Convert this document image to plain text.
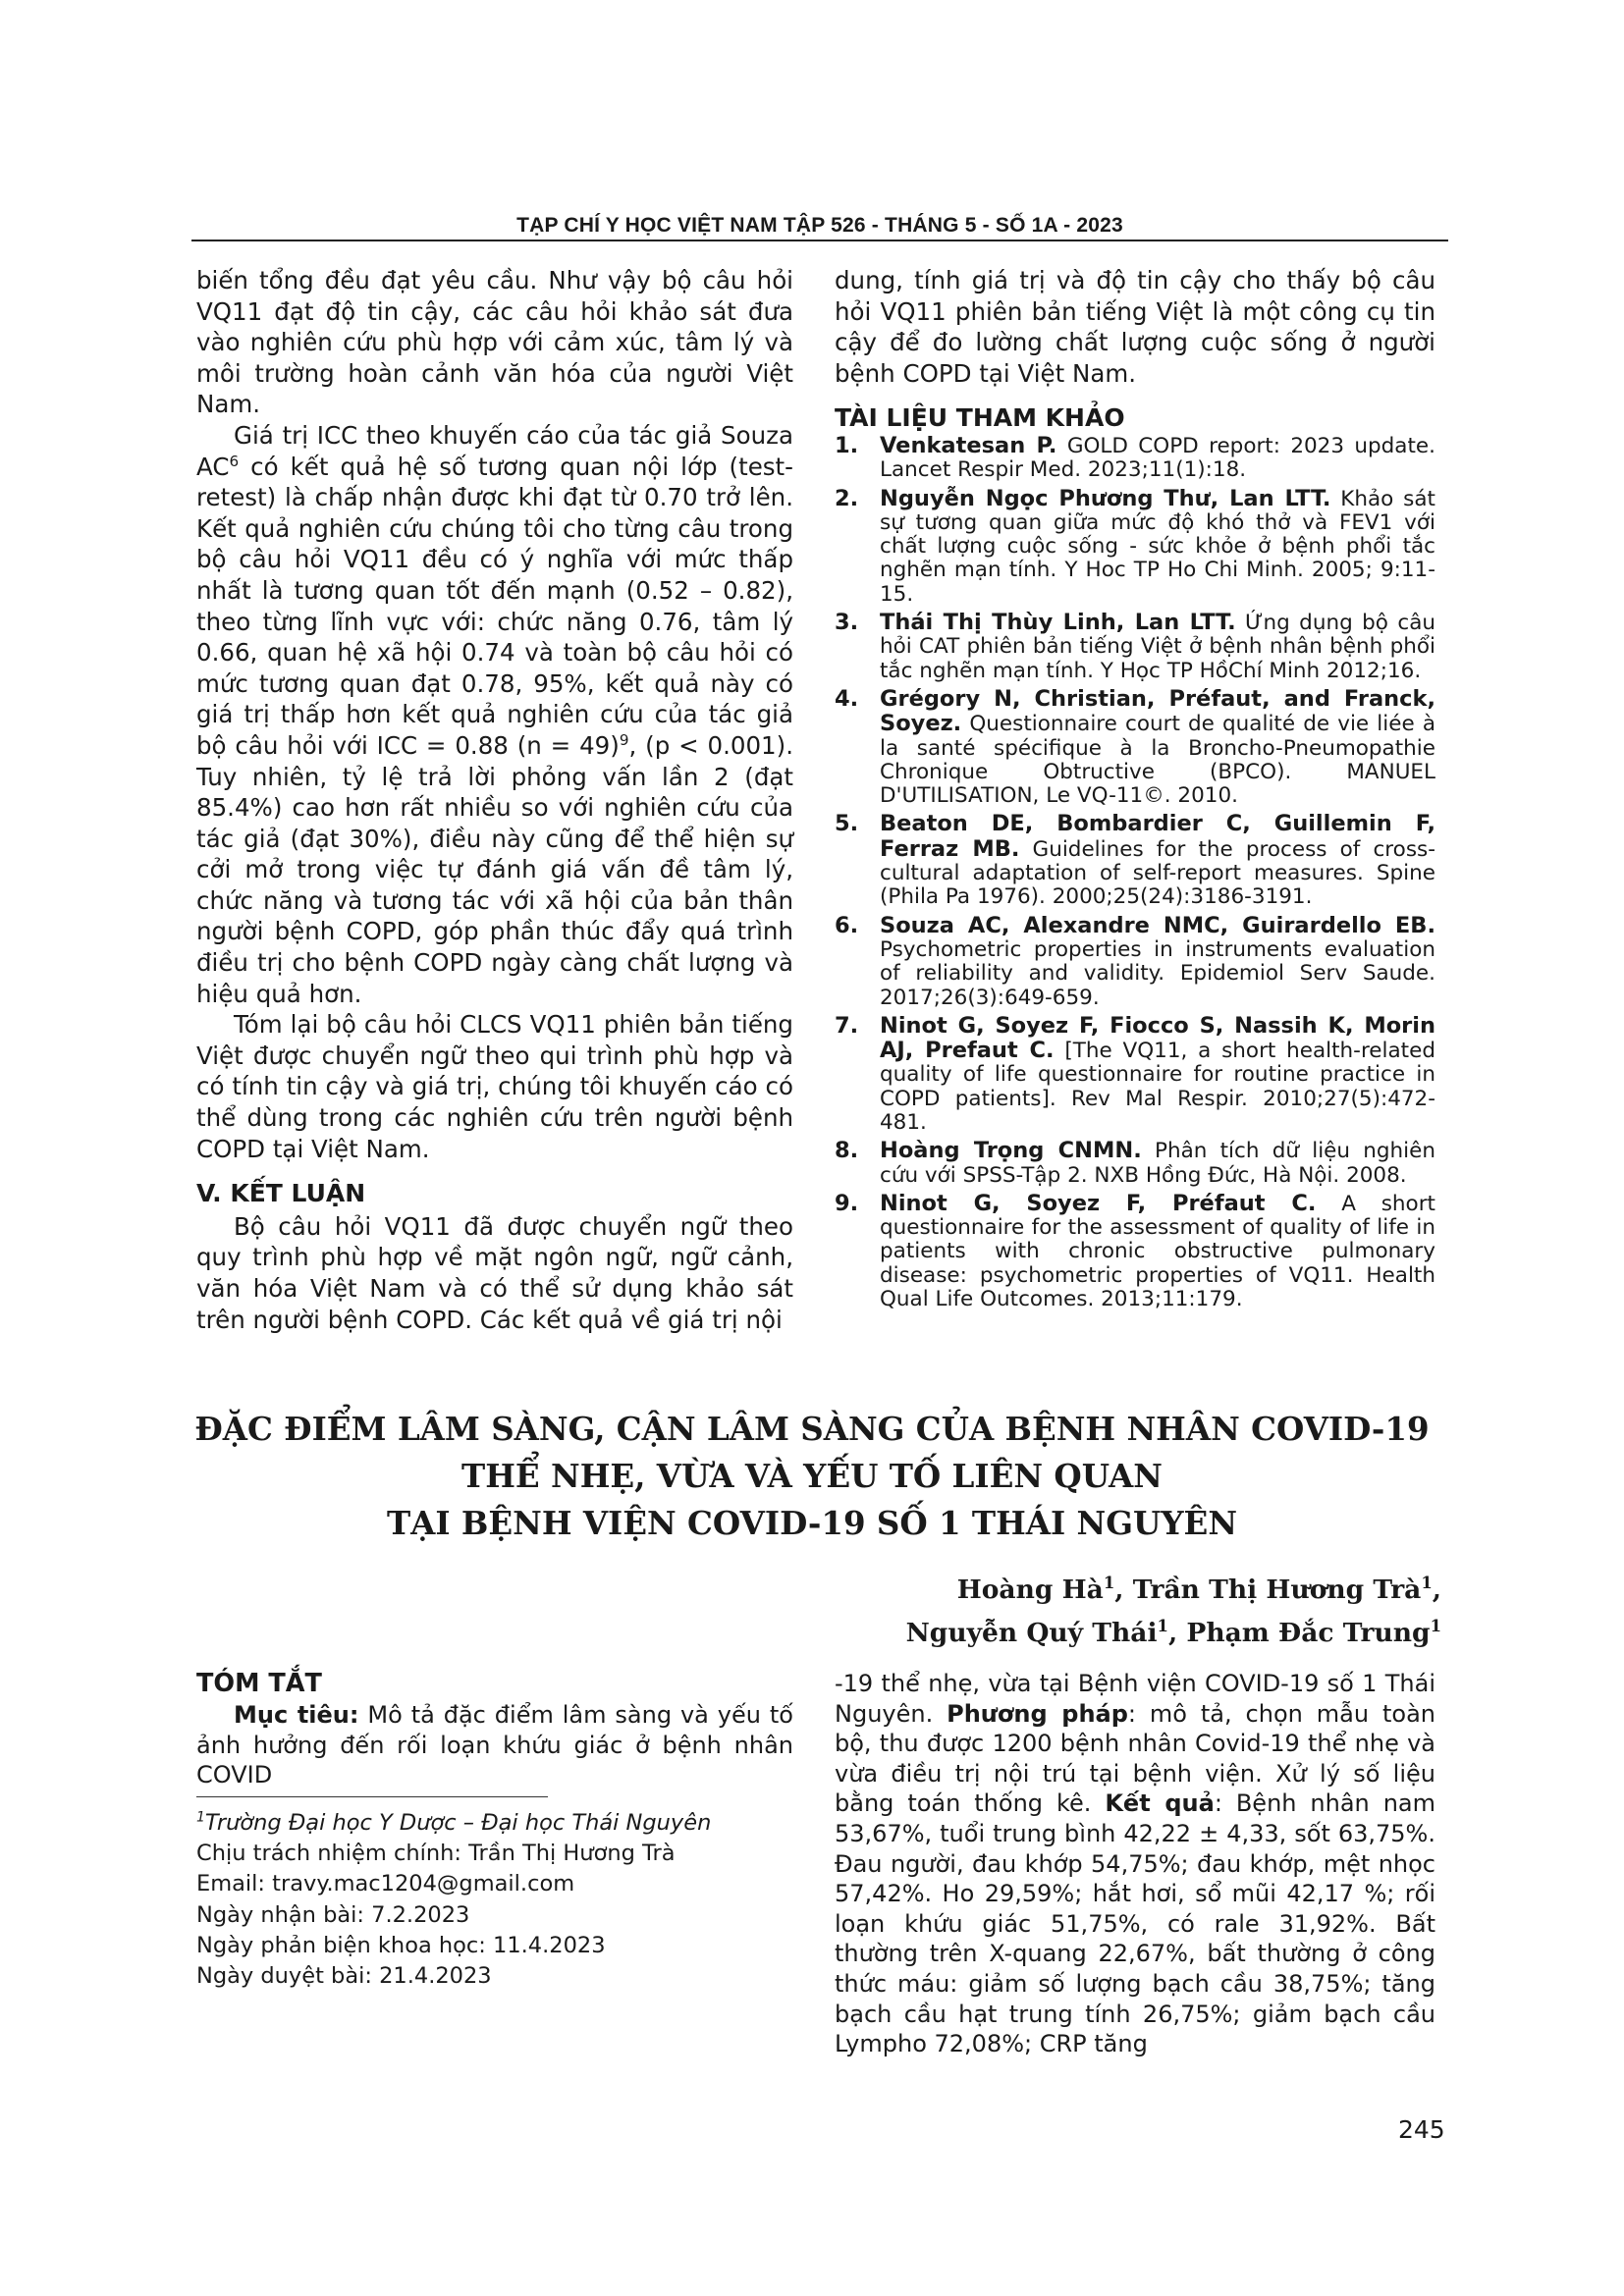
TẠP CHÍ Y HỌC VIỆT NAM TẬP 526 - THÁNG 5 - SỐ 1A - 2023

biến tổng đều đạt yêu cầu. Như vậy bộ câu hỏi VQ11 đạt độ tin cậy, các câu hỏi khảo sát đưa vào nghiên cứu phù hợp với cảm xúc, tâm lý và môi trường hoàn cảnh văn hóa của người Việt Nam.

Giá trị ICC theo khuyến cáo của tác giả Souza $AC^6$ có kết quả hệ số tương quan nội lớp (test-retest) là chấp nhận được khi đạt từ 0.70 trở lên. Kết quả nghiên cứu chúng tôi cho từng câu trong bộ câu hỏi VQ11 đều có ý nghĩa với mức thấp nhất là tương quan tốt đến mạnh (0.52 – 0.82), theo từng lĩnh vực với: chức năng 0.76, tâm lý 0.66, quan hệ xã hội 0.74 và toàn bộ câu hỏi có mức tương quan đạt 0.78, 95%, kết quả này có giá trị thấp hơn kết quả nghiên cứu của tác giả bộ câu hỏi với ICC = 0.88 (n = 49)$^9$, (p < 0.001). Tuy nhiên, tỷ lệ trả lời phỏng vấn lần 2 (đạt 85.4%) cao hơn rất nhiều so với nghiên cứu của tác giả (đạt 30%), điều này cũng để thể hiện sự cởi mở trong việc tự đánh giá vấn đề tâm lý, chức năng và tương tác với xã hội của bản thân người bệnh COPD, góp phần thúc đẩy quá trình điều trị cho bệnh COPD ngày càng chất lượng và hiệu quả hơn.

Tóm lại bộ câu hỏi CLCS VQ11 phiên bản tiếng Việt được chuyển ngữ theo qui trình phù hợp và có tính tin cậy và giá trị, chúng tôi khuyến cáo có thể dùng trong các nghiên cứu trên người bệnh COPD tại Việt Nam.

V. KẾT LUẬN

Bộ câu hỏi VQ11 đã được chuyển ngữ theo quy trình phù hợp về mặt ngôn ngữ, ngữ cảnh, văn hóa Việt Nam và có thể sử dụng khảo sát trên người bệnh COPD. Các kết quả về giá trị nội

dung, tính giá trị và độ tin cậy cho thấy bộ câu hỏi VQ11 phiên bản tiếng Việt là một công cụ tin cậy để đo lường chất lượng cuộc sống ở người bệnh COPD tại Việt Nam.

TÀI LIỆU THAM KHẢO

1. Venkatesan P. GOLD COPD report: 2023 update. Lancet Respir Med. 2023;11(1):18.
2. Nguyễn Ngọc Phương Thư, Lan LTT. Khảo sát sự tương quan giữa mức độ khó thở và FEV1 với chất lượng cuộc sống - sức khỏe ở bệnh phổi tắc nghẽn mạn tính. Y Hoc TP Ho Chi Minh. 2005; 9:11-15.
3. Thái Thị Thùy Linh, Lan LTT. Ứng dụng bộ câu hỏi CAT phiên bản tiếng Việt ở bệnh nhân bệnh phổi tắc nghẽn mạn tính. Y Học TP HồChí Minh 2012;16.
4. Grégory N, Christian, Préfaut, and Franck, Soyez. Questionnaire court de qualité de vie liée à la santé spécifique à la Broncho-Pneumopathie Chronique Obtructive (BPCO). MANUEL D'UTILISATION, Le VQ-11©. 2010.
5. Beaton DE, Bombardier C, Guillemin F, Ferraz MB. Guidelines for the process of cross-cultural adaptation of self-report measures. Spine (Phila Pa 1976). 2000;25(24):3186-3191.
6. Souza AC, Alexandre NMC, Guirardello EB. Psychometric properties in instruments evaluation of reliability and validity. Epidemiol Serv Saude. 2017;26(3):649-659.
7. Ninot G, Soyez F, Fiocco S, Nassih K, Morin AJ, Prefaut C. [The VQ11, a short health-related quality of life questionnaire for routine practice in COPD patients]. Rev Mal Respir. 2010;27(5):472-481.
8. Hoàng Trọng CNMN. Phân tích dữ liệu nghiên cứu với SPSS-Tập 2. NXB Hồng Đức, Hà Nội. 2008.
9. Ninot G, Soyez F, Préfaut C. A short questionnaire for the assessment of quality of life in patients with chronic obstructive pulmonary disease: psychometric properties of VQ11. Health Qual Life Outcomes. 2013;11:179.
ĐẶC ĐIỂM LÂM SÀNG, CẬN LÂM SÀNG CỦA BỆNH NHÂN COVID-19
THỂ NHẸ, VỪA VÀ YẾU TỐ LIÊN QUAN
TẠI BỆNH VIỆN COVID-19 SỐ 1 THÁI NGUYÊN
Hoàng $Hà^1$, Trần Thị Hương Trà$^1$,
Nguyễn Quý Thái$^1$, Phạm Đắc Trung$^1$
TÓM TẮT

Mục tiêu: Mô tả đặc điểm lâm sàng và yếu tố ảnh hưởng đến rối loạn khứu giác ở bệnh nhân COVID

-19 thể nhẹ, vừa tại Bệnh viện COVID-19 số 1 Thái Nguyên. Phương pháp: mô tả, chọn mẫu toàn bộ, thu được 1200 bệnh nhân Covid-19 thể nhẹ và vừa điều trị nội trú tại bệnh viện. Xử lý số liệu bằng toán thống kê. Kết quả: Bệnh nhân nam 53,67%, tuổi trung bình 42,22 ± 4,33, sốt 63,75%. Đau người, đau khớp 54,75%; đau khớp, mệt nhọc 57,42%. Ho 29,59%; hắt hơi, sổ mũi 42,17 %; rối loạn khứu giác 51,75%, có rale 31,92%. Bất thường trên X-quang 22,67%, bất thường ở công thức máu: giảm số lượng bạch cầu 38,75%; tăng bạch cầu hạt trung tính 26,75%; giảm bạch cầu Lympho 72,08%; CRP tăng

$^1$Trường Đại học Y Dược – Đại học Thái Nguyên
Chịu trách nhiệm chính: Trần Thị Hương Trà
Email: travy.mac1204@gmail.com
Ngày nhận bài: 7.2.2023
Ngày phản biện khoa học: 11.4.2023
Ngày duyệt bài: 21.4.2023
245
